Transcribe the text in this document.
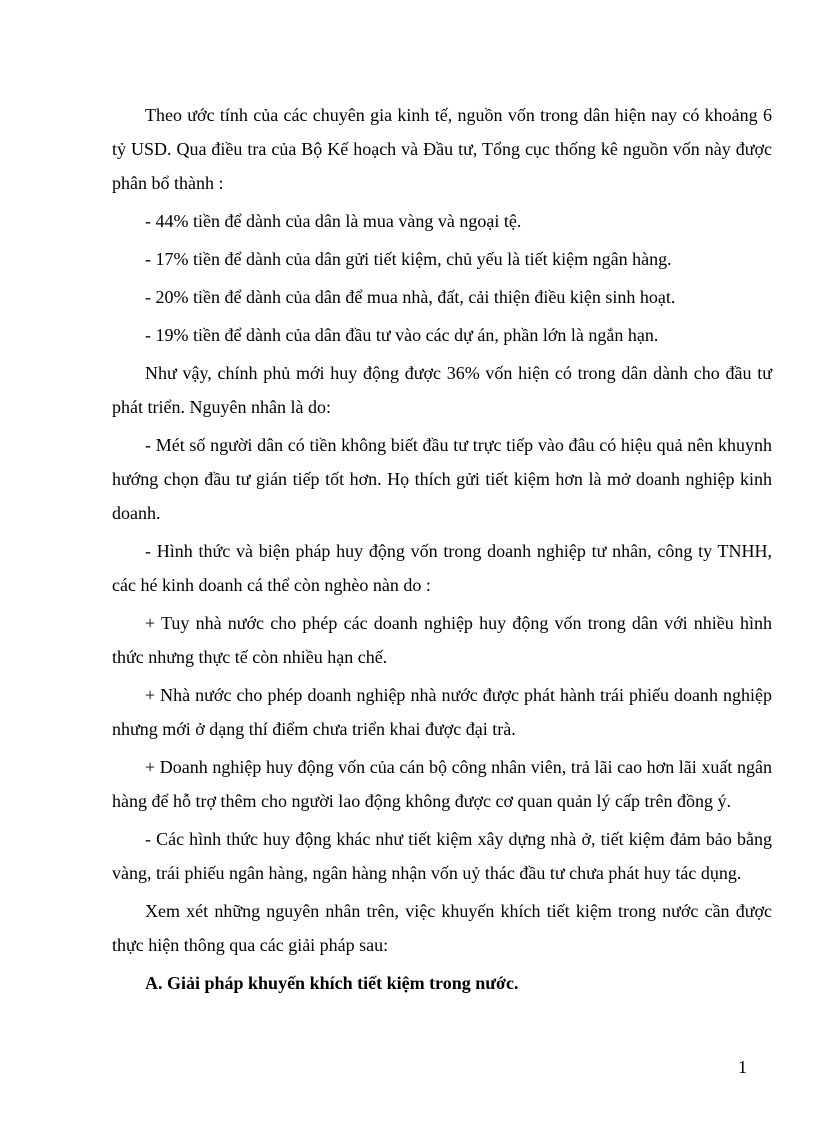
Theo ước tính của các chuyên gia kinh tế, nguồn vốn trong dân hiện nay có khoảng 6 tỷ USD. Qua điều tra của Bộ Kế hoạch và Đầu tư, Tổng cục thống kê nguồn vốn này được phân bổ thành :

- 44% tiền để dành của dân là mua vàng và ngoại tệ.

- 17% tiền để dành của dân gửi tiết kiệm, chủ yếu là tiết kiệm ngân hàng.

- 20% tiền để dành của dân để mua nhà, đất, cải thiện điều kiện sinh hoạt.

- 19% tiền để dành của dân đầu tư vào các dự án, phần lớn là ngắn hạn.

Như vậy, chính phủ mới huy động được 36% vốn hiện có trong dân dành cho đầu tư phát triển. Nguyên nhân là do:

- Mét số người dân có tiền không biết đầu tư trực tiếp vào đâu có hiệu quả nên khuynh hướng chọn đầu tư gián tiếp tốt hơn. Họ thích gửi tiết kiệm hơn là mở doanh nghiệp kinh doanh.

- Hình thức và biện pháp huy động vốn trong doanh nghiệp tư nhân, công ty TNHH, các hé kinh doanh cá thể còn nghèo nàn do :

+ Tuy nhà nước cho phép các doanh nghiệp huy động vốn trong dân với nhiều hình thức nhưng thực tế còn nhiều hạn chế.

+ Nhà nước cho phép doanh nghiệp nhà nước được phát hành trái phiếu doanh nghiệp nhưng mới ở dạng thí điểm chưa triển khai được đại trà.

+ Doanh nghiệp huy động vốn của cán bộ công nhân viên, trả lãi cao hơn lãi xuất ngân hàng để hỗ trợ thêm cho người lao động không được cơ quan quản lý cấp trên đồng ý.

- Các hình thức huy động khác như tiết kiệm xây dựng nhà ở, tiết kiệm đảm bảo bằng vàng, trái phiếu ngân hàng, ngân hàng nhận vốn uỷ thác đầu tư chưa phát huy tác dụng.

Xem xét những nguyên nhân trên, việc khuyến khích tiết kiệm trong nước cần được thực hiện thông qua các giải pháp sau:

A. Giải pháp khuyến khích tiết kiệm trong nước.

1
